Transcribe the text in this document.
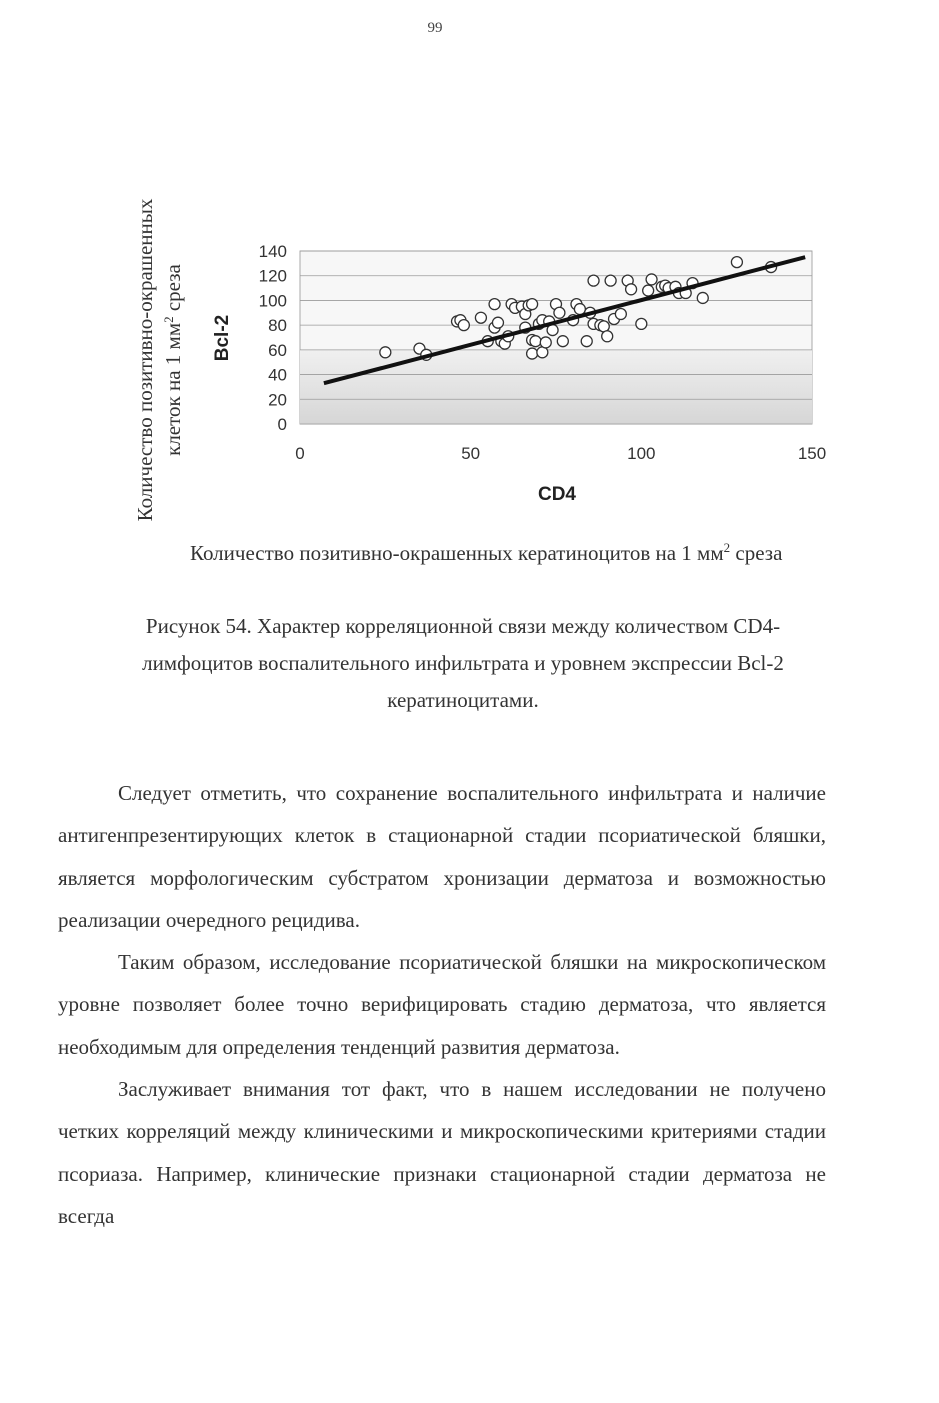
99
0
20
40
60
80
100
120
140
0	50	100	150
CD4
Bcl-2
Количество позитивно-окрашенных клеток на 1 $мм^2$ среза
Количество позитивно-окрашенных кератиноцитов на 1 $мм^2$ среза

Рисунок 54. Характер корреляционной связи между количеством CD4-

лимфоцитов воспалительного инфильтрата и уровнем экспрессии Bcl-2

кератиноцитами.

Следует отметить, что сохранение воспалительного инфильтрата и наличие антигенпрезентирующих клеток в стационарной стадии псориатической бляшки, является морфологическим субстратом хронизации дерматоза и возможностью реализации очередного рецидива.

Таким образом, исследование псориатической бляшки на микроскопическом уровне позволяет более точно верифицировать стадию дерматоза, что является необходимым для определения тенденций развития дерматоза.

Заслуживает внимания тот факт, что в нашем исследовании не получено четких корреляций между клиническими и микроскопическими критериями стадии псориаза. Например, клинические признаки стационарной стадии дерматоза не всегда
